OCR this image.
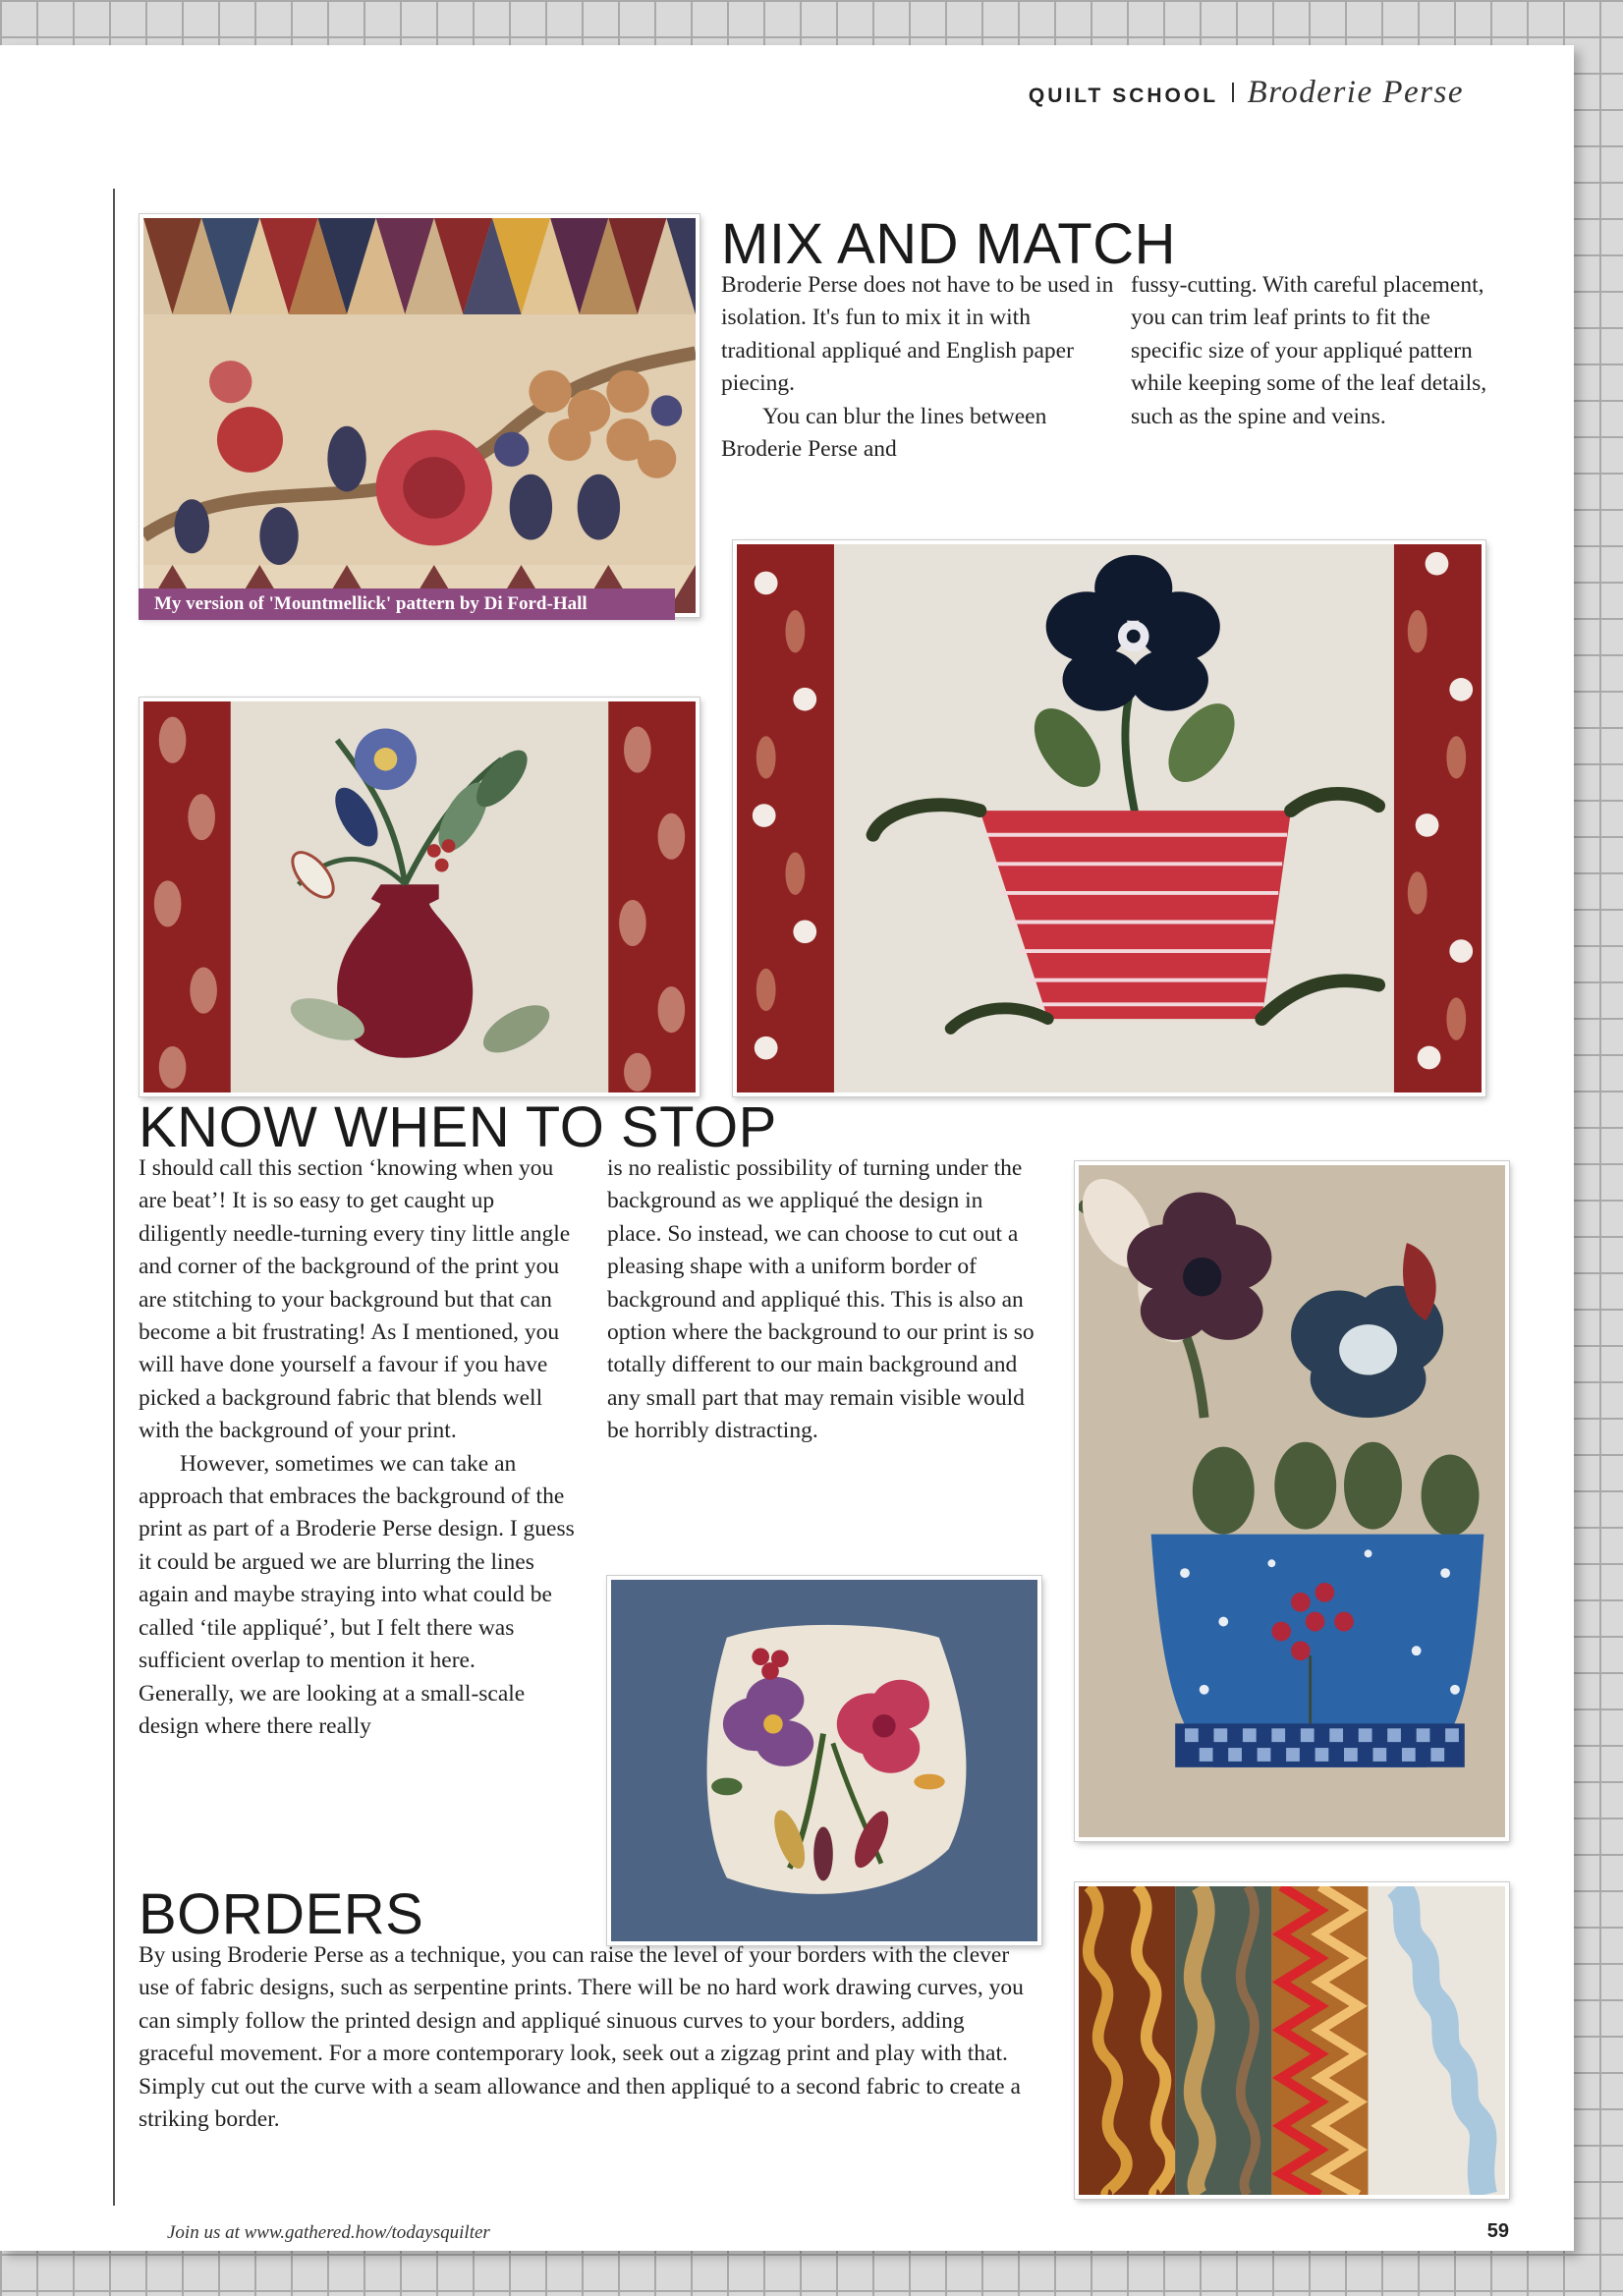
QUILT SCHOOL Broderie Perse
My version of 'Mountmellick' pattern by Di Ford-Hall
MIX AND MATCH

Broderie Perse does not have to be used in isolation. It's fun to mix it in with traditional appliqué and English paper piecing.

You can blur the lines between Broderie Perse and

fussy-cutting. With careful placement, you can trim leaf prints to fit the specific size of your appliqué pattern while keeping some of the leaf details, such as the spine and veins.

KNOW WHEN TO STOP

I should call this section ‘knowing when you are beat’! It is so easy to get caught up diligently needle-turning every tiny little angle and corner of the background of the print you are stitching to your background but that can become a bit frustrating! As I mentioned, you will have done yourself a favour if you have picked a background fabric that blends well with the background of your print.

However, sometimes we can take an approach that embraces the background of the print as part of a Broderie Perse design. I guess it could be argued we are blurring the lines again and maybe straying into what could be called ‘tile appliqué’, but I felt there was sufficient overlap to mention it here. Generally, we are looking at a small-scale design where there really

is no realistic possibility of turning under the background as we appliqué the design in place. So instead, we can choose to cut out a pleasing shape with a uniform border of background and appliqué this. This is also an option where the background to our print is so totally different to our main background and any small part that may remain visible would be horribly distracting.

BORDERS

By using Broderie Perse as a technique, you can raise the level of your borders with the clever use of fabric designs, such as serpentine prints. There will be no hard work drawing curves, you can simply follow the printed design and appliqué sinuous curves to your borders, adding graceful movement. For a more contemporary look, seek out a zigzag print and play with that. Simply cut out the curve with a seam allowance and then appliqué to a second fabric to create a striking border.

Join us at www.gathered.how/todaysquilter	59
